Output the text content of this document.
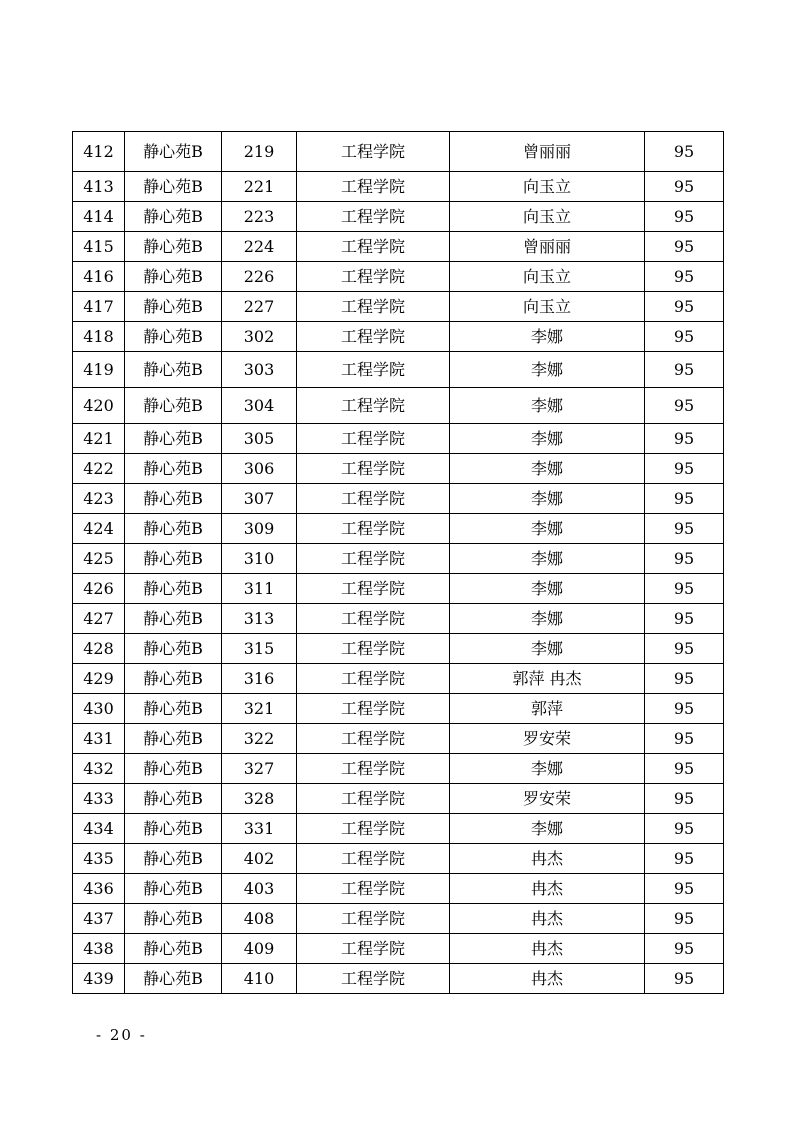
412	静心苑B	219	工程学院	曾丽丽	95
413	静心苑B	221	工程学院	向玉立	95
414	静心苑B	223	工程学院	向玉立	95
415	静心苑B	224	工程学院	曾丽丽	95
416	静心苑B	226	工程学院	向玉立	95
417	静心苑B	227	工程学院	向玉立	95
418	静心苑B	302	工程学院	李娜	95
419	静心苑B	303	工程学院	李娜	95
420	静心苑B	304	工程学院	李娜	95
421	静心苑B	305	工程学院	李娜	95
422	静心苑B	306	工程学院	李娜	95
423	静心苑B	307	工程学院	李娜	95
424	静心苑B	309	工程学院	李娜	95
425	静心苑B	310	工程学院	李娜	95
426	静心苑B	311	工程学院	李娜	95
427	静心苑B	313	工程学院	李娜	95
428	静心苑B	315	工程学院	李娜	95
429	静心苑B	316	工程学院	郭萍 冉杰	95
430	静心苑B	321	工程学院	郭萍	95
431	静心苑B	322	工程学院	罗安荣	95
432	静心苑B	327	工程学院	李娜	95
433	静心苑B	328	工程学院	罗安荣	95
434	静心苑B	331	工程学院	李娜	95
435	静心苑B	402	工程学院	冉杰	95
436	静心苑B	403	工程学院	冉杰	95
437	静心苑B	408	工程学院	冉杰	95
438	静心苑B	409	工程学院	冉杰	95
439	静心苑B	410	工程学院	冉杰	95
- 20 -
